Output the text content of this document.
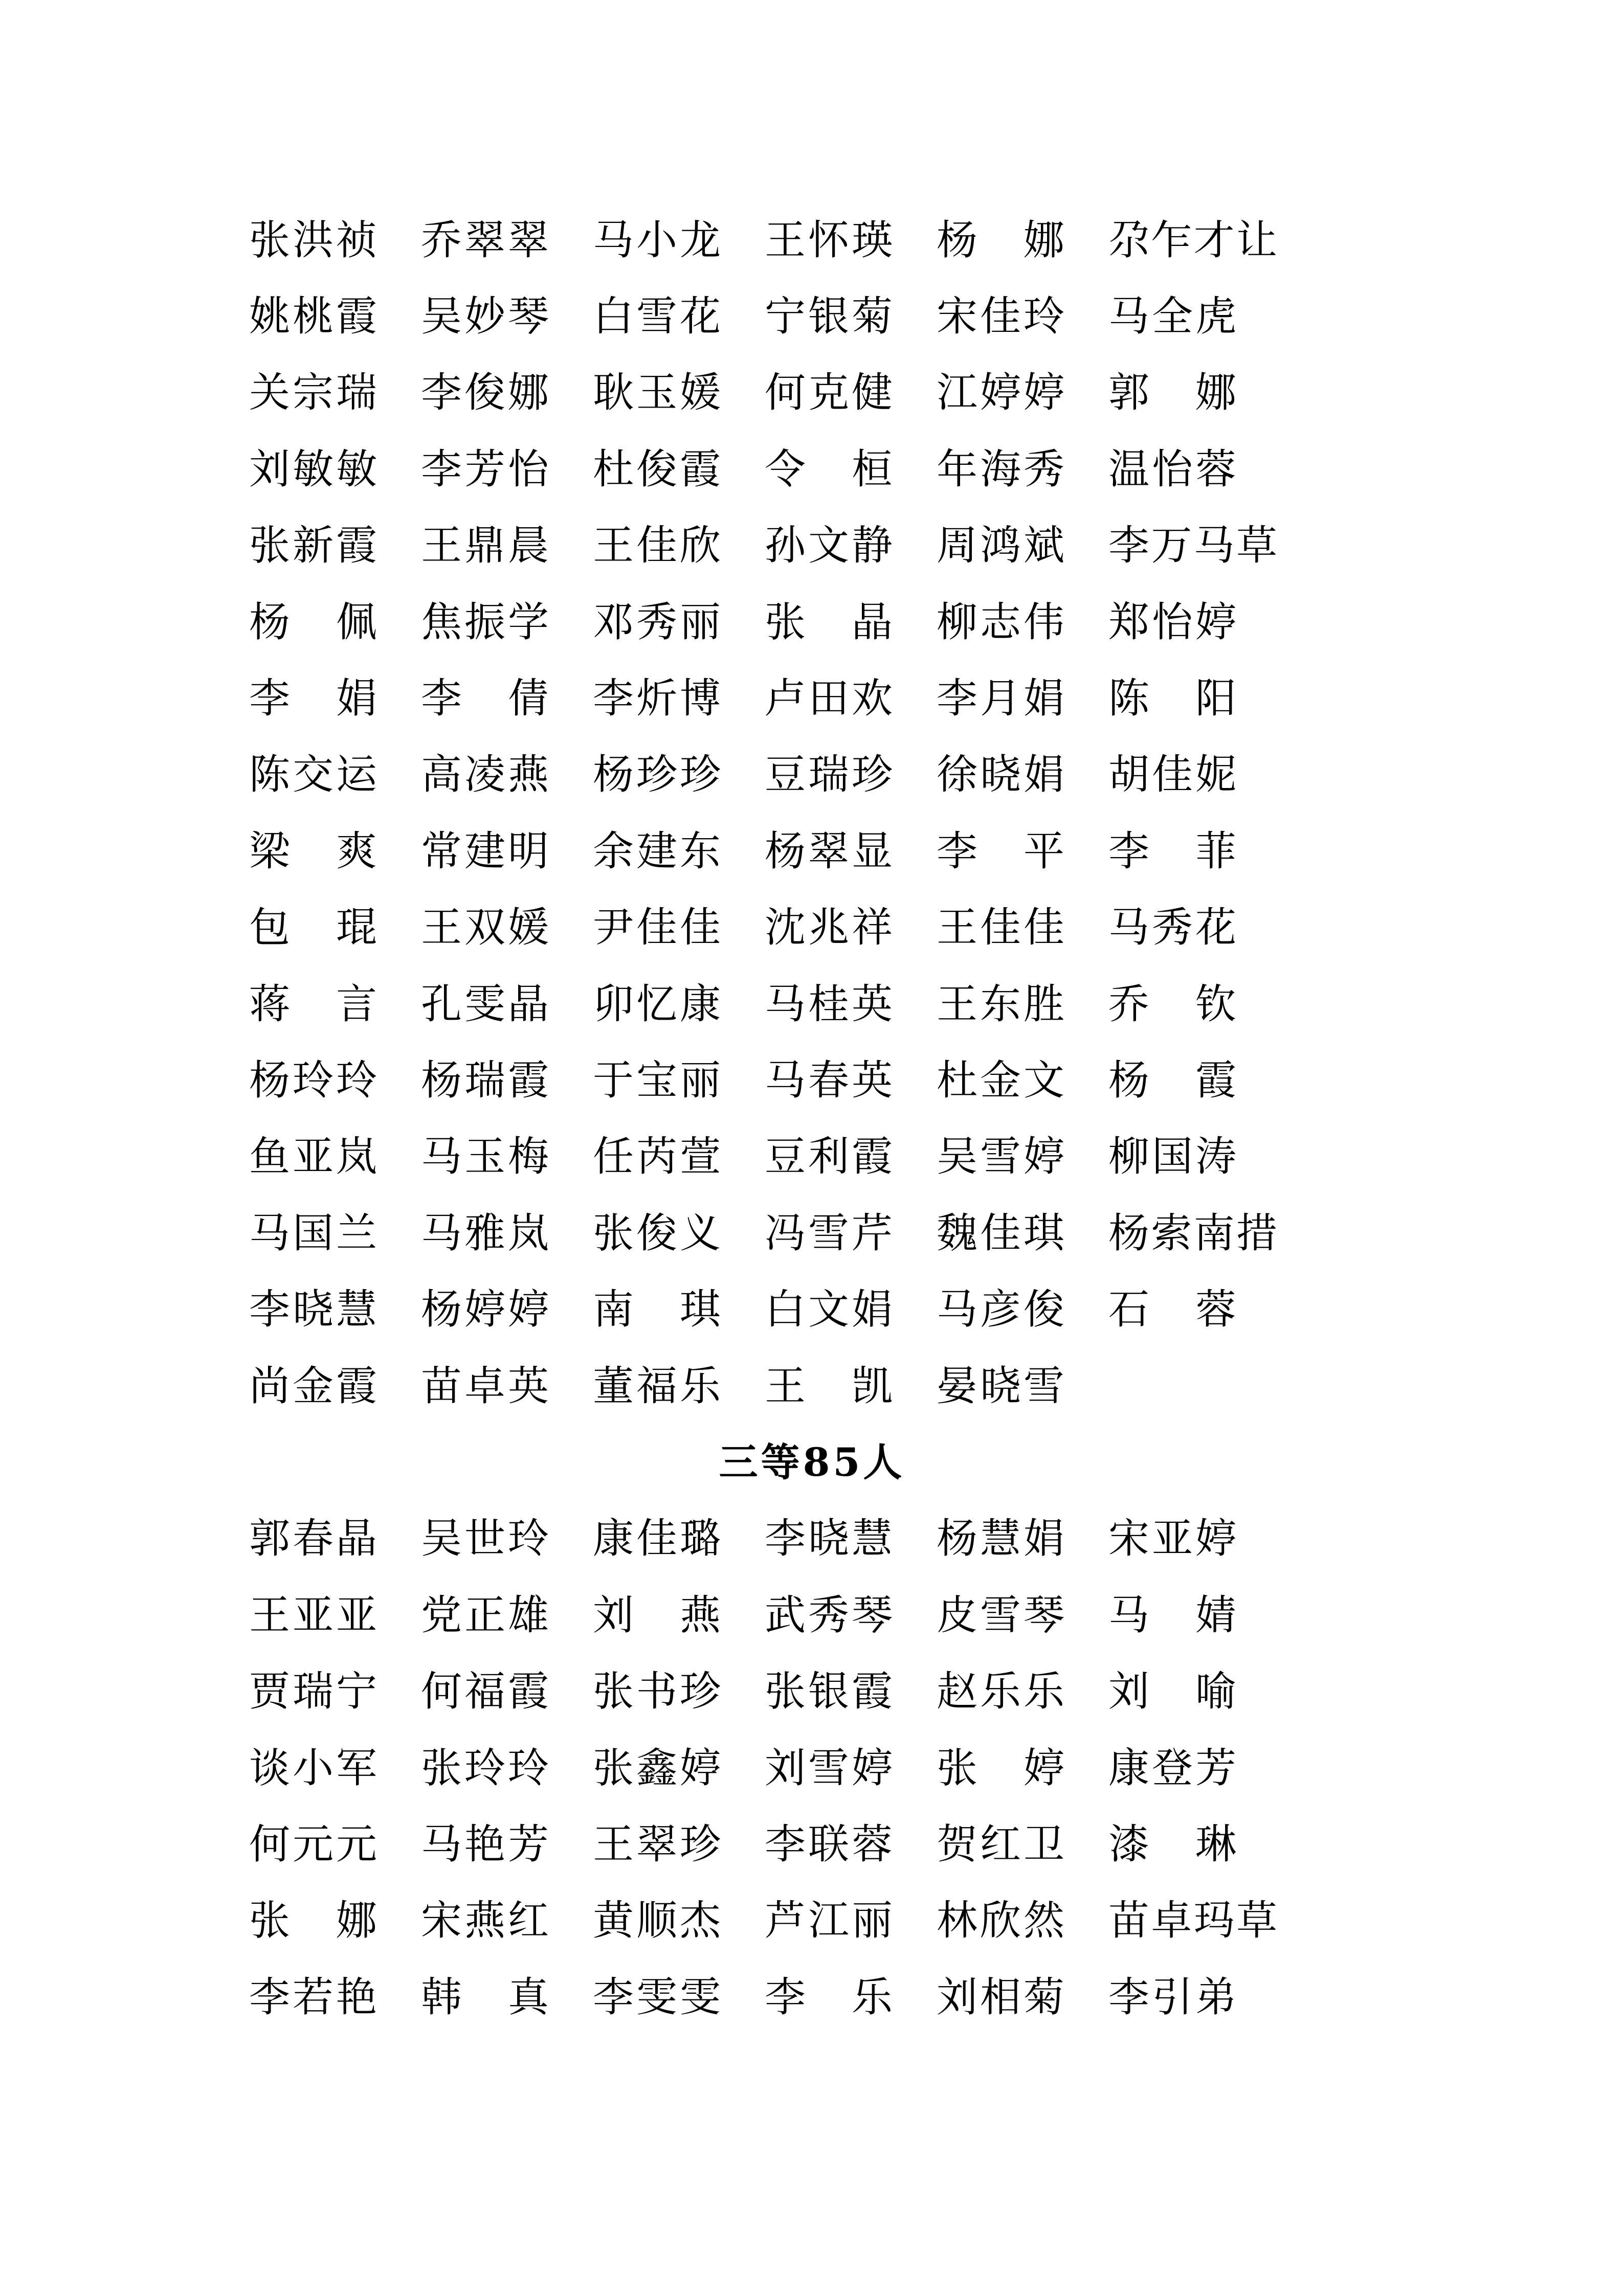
张 洪 祯 乔 翠 翠 马 小 龙 王 怀 瑛 杨 娜 尕 乍 才 让
姚 桃 霞 吴 妙 琴 白 雪 花 宁 银 菊 宋 佳 玲 马 全 虎
关 宗 瑞 李 俊 娜 耿 玉 媛 何 克 健 江 婷 婷 郭 娜
刘 敏 敏 李 芳 怡 杜 俊 霞 令 桓 年 海 秀 温 怡 蓉
张 新 霞 王 鼎 晨 王 佳 欣 孙 文 静 周 鸿 斌 李 万 马 草
杨 佩 焦 振 学 邓 秀 丽 张 晶 柳 志 伟 郑 怡 婷
李 娟 李 倩 李 炘 博 卢 田 欢 李 月 娟 陈 阳
陈 交 运 高 凌 燕 杨 珍 珍 豆 瑞 珍 徐 晓 娟 胡 佳 妮
梁 爽 常 建 明 余 建 东 杨 翠 显 李 平 李 菲
包 琨 王 双 媛 尹 佳 佳 沈 兆 祥 王 佳 佳 马 秀 花
蒋 言 孔 雯 晶 卯 忆 康 马 桂 英 王 东 胜 乔 钦
杨 玲 玲 杨 瑞 霞 于 宝 丽 马 春 英 杜 金 文 杨 霞
鱼 亚 岚 马 玉 梅 任 芮 萱 豆 利 霞 吴 雪 婷 柳 国 涛
马 国 兰 马 雅 岚 张 俊 义 冯 雪 芹 魏 佳 琪 杨 索 南 措
李 晓 慧 杨 婷 婷 南 琪 白 文 娟 马 彦 俊 石 蓉
尚 金 霞 苗 卓 英 董 福 乐 王 凯 晏 晓 雪
三等85人
郭 春 晶 吴 世 玲 康 佳 璐 李 晓 慧 杨 慧 娟 宋 亚 婷
王 亚 亚 党 正 雄 刘 燕 武 秀 琴 皮 雪 琴 马 婧
贾 瑞 宁 何 福 霞 张 书 珍 张 银 霞 赵 乐 乐 刘 喻
谈 小 军 张 玲 玲 张 鑫 婷 刘 雪 婷 张 婷 康 登 芳
何 元 元 马 艳 芳 王 翠 珍 李 联 蓉 贺 红 卫 漆 琳
张 娜 宋 燕 红 黄 顺 杰 芦 江 丽 林 欣 然 苗 卓 玛 草
李 若 艳 韩 真 李 雯 雯 李 乐 刘 相 菊 李 引 弟
